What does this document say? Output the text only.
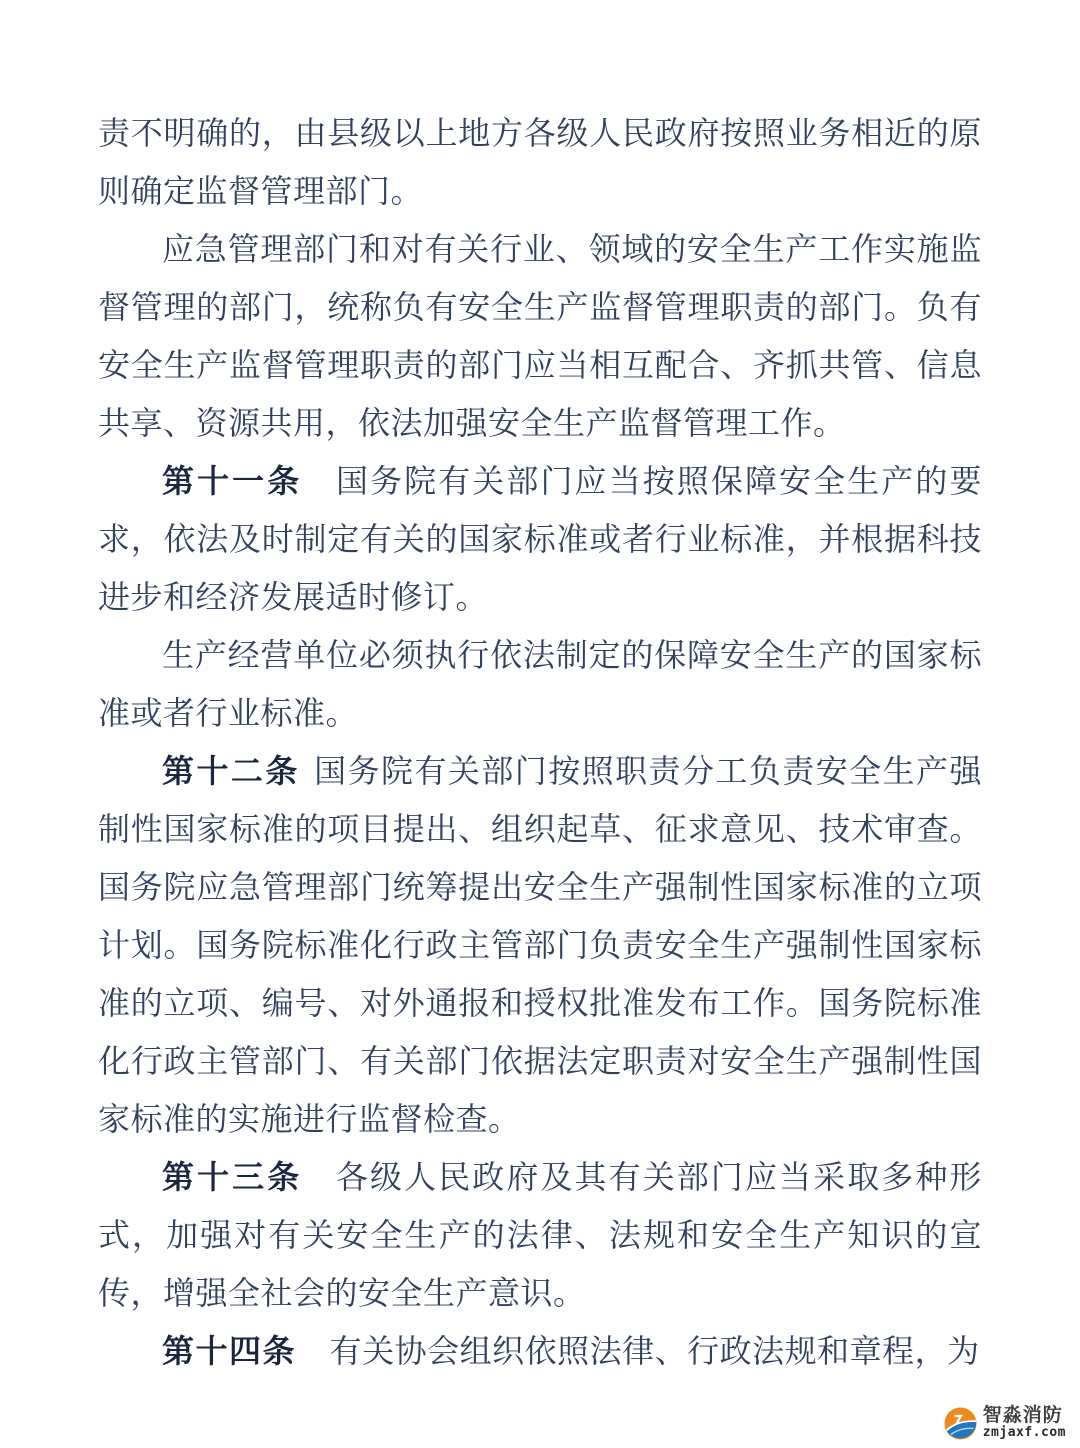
责不明确的，由县级以上地方各级人民政府按照业务相近的原则确定监督管理部门。

应急管理部门和对有关行业、领域的安全生产工作实施监督管理的部门，统称负有安全生产监督管理职责的部门。负有安全生产监督管理职责的部门应当相互配合、齐抓共管、信息共享、资源共用，依法加强安全生产监督管理工作。

第十一条 国务院有关部门应当按照保障安全生产的要求，依法及时制定有关的国家标准或者行业标准，并根据科技进步和经济发展适时修订。

生产经营单位必须执行依法制定的保障安全生产的国家标准或者行业标准。

第十二条 国务院有关部门按照职责分工负责安全生产强制性国家标准的项目提出、组织起草、征求意见、技术审查。国务院应急管理部门统筹提出安全生产强制性国家标准的立项计划。国务院标准化行政主管部门负责安全生产强制性国家标准的立项、编号、对外通报和授权批准发布工作。国务院标准化行政主管部门、有关部门依据法定职责对安全生产强制性国家标准的实施进行监督检查。

第十三条 各级人民政府及其有关部门应当采取多种形式，加强对有关安全生产的法律、法规和安全生产知识的宣传，增强全社会的安全生产意识。

第十四条 有关协会组织依照法律、行政法规和章程，为

智淼消防
zmjaxf.com
